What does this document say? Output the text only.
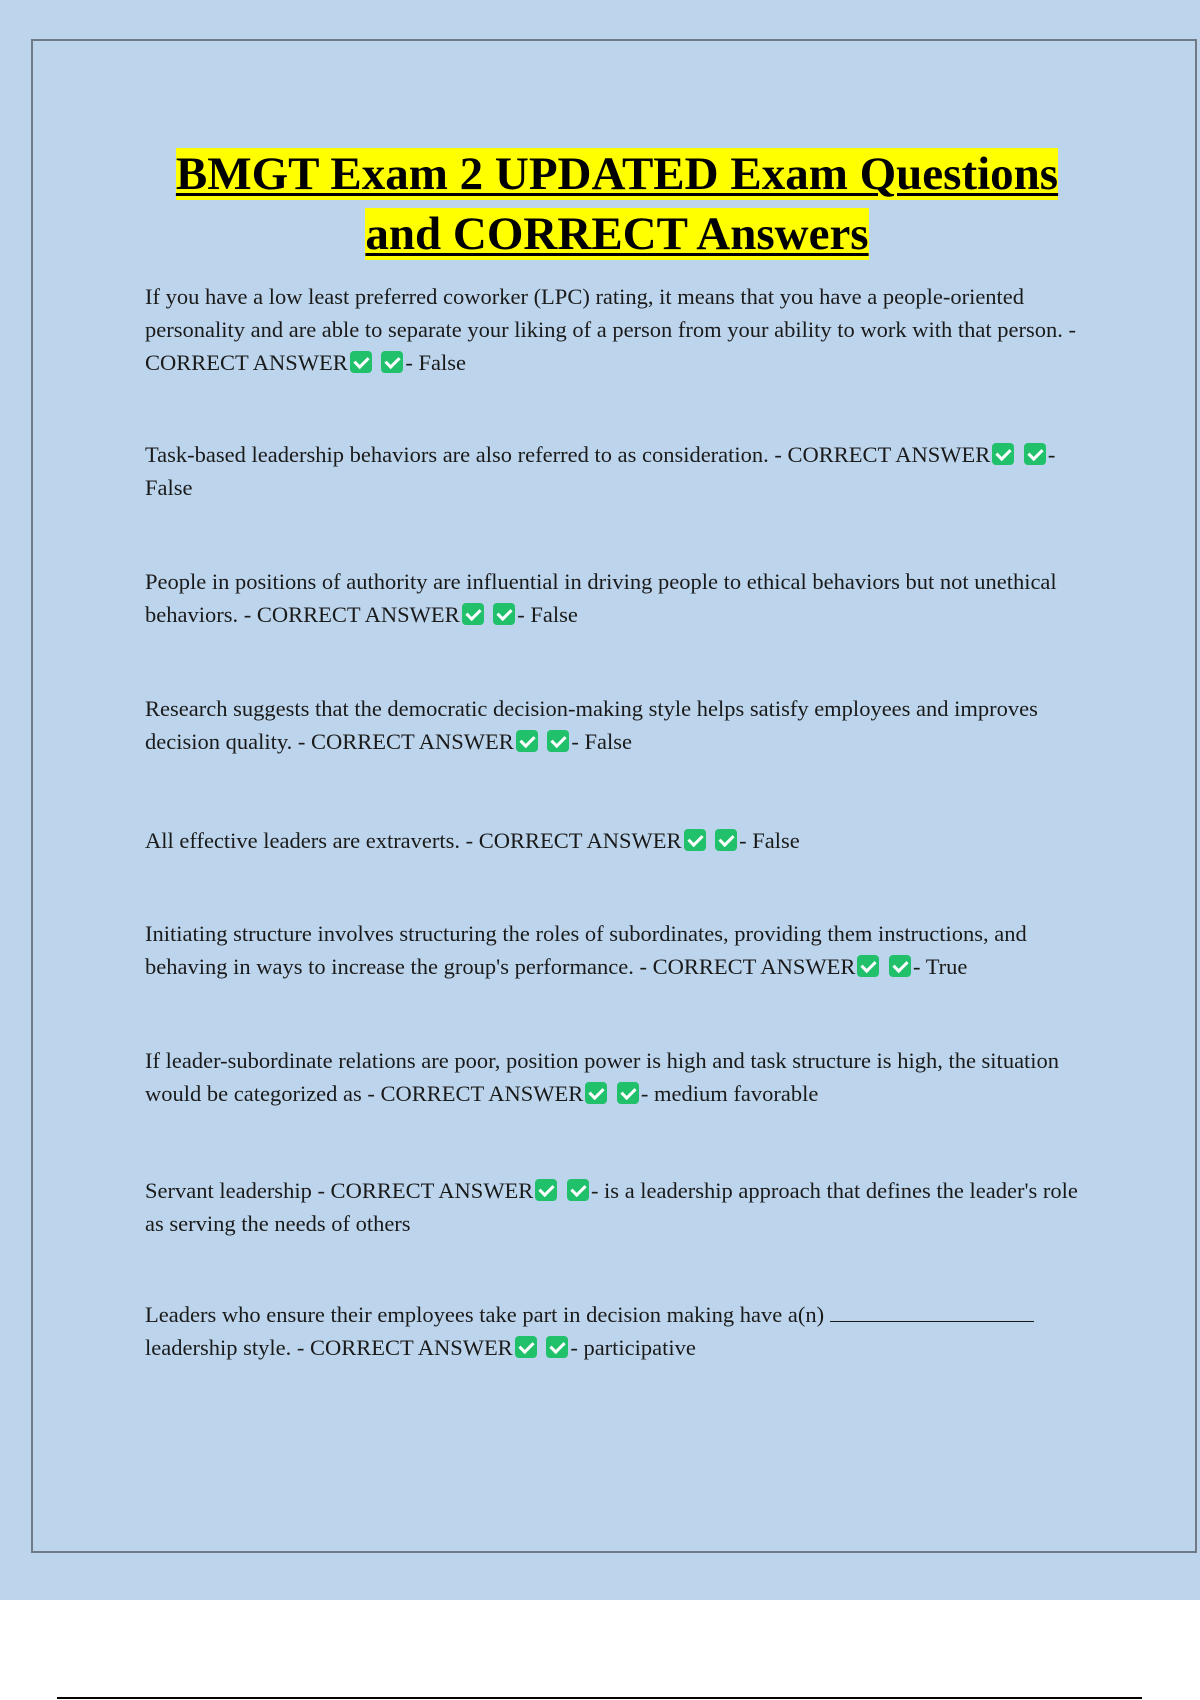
BMGT Exam 2 UPDATED Exam Questions
and CORRECT Answers

If you have a low least preferred coworker (LPC) rating, it means that you have a people-oriented personality and are able to separate your liking of a person from your ability to work with that person. - CORRECT ANSWER	- False

Task-based leadership behaviors are also referred to as consideration. - CORRECT ANSWER	- False

People in positions of authority are influential in driving people to ethical behaviors but not unethical behaviors. - CORRECT ANSWER	- False

Research suggests that the democratic decision-making style helps satisfy employees and improves decision quality. - CORRECT ANSWER	- False

All effective leaders are extraverts. - CORRECT ANSWER	- False

Initiating structure involves structuring the roles of subordinates, providing them instructions, and behaving in ways to increase the group's performance. - CORRECT ANSWER	- True

If leader-subordinate relations are poor, position power is high and task structure is high, the situation would be categorized as - CORRECT ANSWER	- medium favorable

Servant leadership - CORRECT ANSWER	- is a leadership approach that defines the leader's role as serving the needs of others

Leaders who ensure their employees take part in decision making have a(n)  leadership style. - CORRECT ANSWER	- participative
